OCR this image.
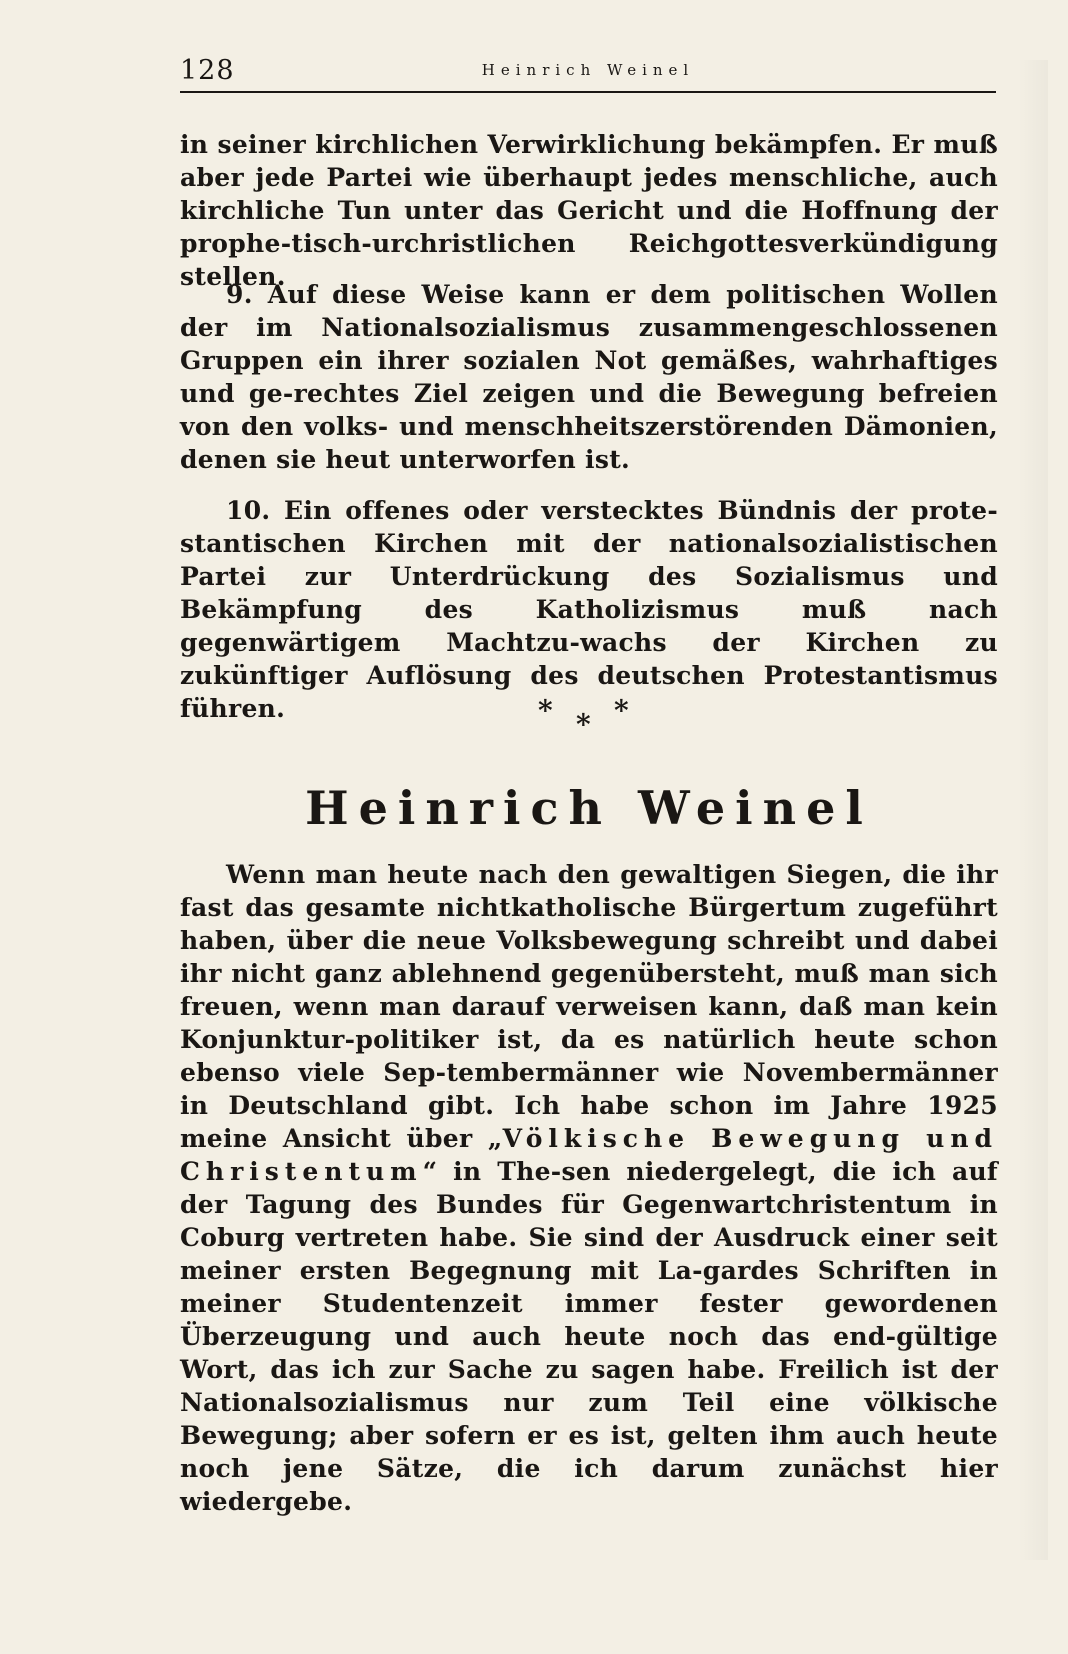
128	Heinrich Weinel

in seiner kirchlichen Verwirklichung bekämpfen. Er muß aber jede Partei wie überhaupt jedes menschliche, auch kirchliche Tun unter das Gericht und die Hoffnung der prophe-tisch-urchristlichen Reichgottesverkündigung stellen.

9. Auf diese Weise kann er dem politischen Wollen der im Nationalsozialismus zusammengeschlossenen Gruppen ein ihrer sozialen Not gemäßes, wahrhaftiges und ge-rechtes Ziel zeigen und die Bewegung befreien von den volks- und menschheitszerstörenden Dämonien, denen sie heut unterworfen ist.

10. Ein offenes oder verstecktes Bündnis der prote-stantischen Kirchen mit der nationalsozialistischen Partei zur Unterdrückung des Sozialismus und Bekämpfung des Katholizismus muß nach gegenwärtigem Machtzu-wachs der Kirchen zu zukünftiger Auflösung des deutschen Protestantismus führen.	* * *
Heinrich Weinel

Wenn man heute nach den gewaltigen Siegen, die ihr fast das gesamte nichtkatholische Bürgertum zugeführt haben, über die neue Volksbewegung schreibt und dabei ihr nicht ganz ablehnend gegenübersteht, muß man sich freuen, wenn man darauf verweisen kann, daß man kein Konjunktur-politiker ist, da es natürlich heute schon ebenso viele Sep-tembermänner wie Novembermänner in Deutschland gibt. Ich habe schon im Jahre 1925 meine Ansicht über „Völkische Bewegung und Christentum“ in The-sen niedergelegt, die ich auf der Tagung des Bundes für Gegenwartchristentum in Coburg vertreten habe. Sie sind der Ausdruck einer seit meiner ersten Begegnung mit La-gardes Schriften in meiner Studentenzeit immer fester gewordenen Überzeugung und auch heute noch das end-gültige Wort, das ich zur Sache zu sagen habe. Freilich ist der Nationalsozialismus nur zum Teil eine völkische Bewegung; aber sofern er es ist, gelten ihm auch heute noch jene Sätze, die ich darum zunächst hier wiedergebe.
